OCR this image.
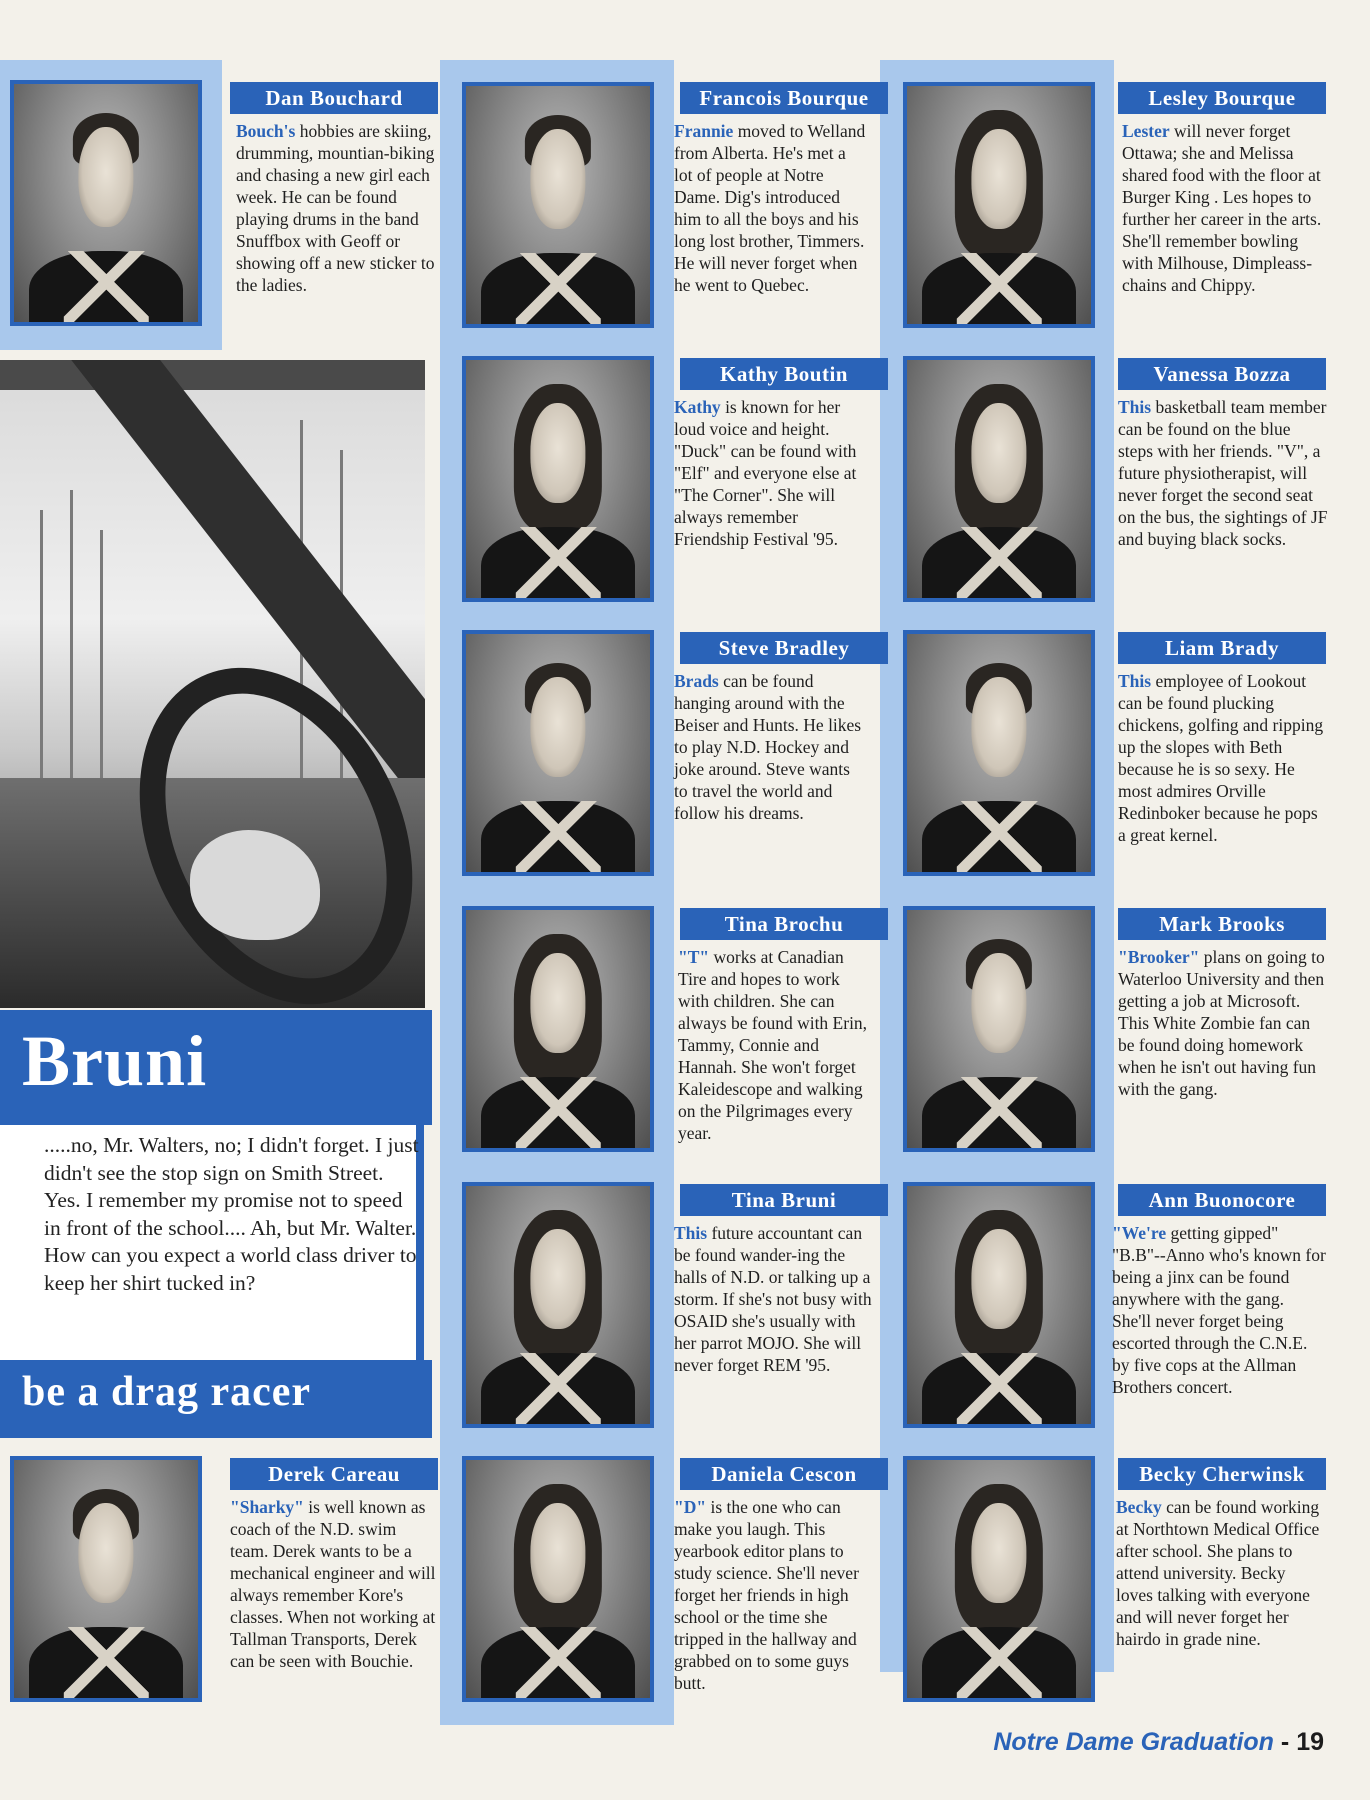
Bruni
.....no, Mr. Walters, no; I didn't forget. I just didn't see the stop sign on Smith Street. Yes. I remember my promise not to speed in front of the school.... Ah, but Mr. Walter. How can you expect a world class driver to keep her shirt tucked in?
be a drag racer
Dan Bouchard
Bouch's hobbies are skiing, drumming, mountian-biking and chasing a new girl each week. He can be found playing drums in the band Snuffbox with Geoff or showing off a new sticker to the ladies.
Francois Bourque
Frannie moved to Welland from Alberta. He's met a lot of people at Notre Dame. Dig's introduced him to all the boys and his long lost brother, Timmers. He will never forget when he went to Quebec.
Lesley Bourque
Lester will never forget Ottawa; she and Melissa shared food with the floor at Burger King . Les hopes to further her career in the arts. She'll remember bowling with Milhouse, Dimpleass-chains and Chippy.
Kathy Boutin
Kathy is known for her loud voice and height. "Duck" can be found with "Elf" and everyone else at "The Corner". She will always remember Friendship Festival '95.
Vanessa Bozza
This basketball team member can be found on the blue steps with her friends. "V", a future physiotherapist, will never forget the second seat on the bus, the sightings of JF and buying black socks.
Steve Bradley
Brads can be found hanging around with the Beiser and Hunts. He likes to play N.D. Hockey and joke around. Steve wants to travel the world and follow his dreams.
Liam Brady
This employee of Lookout can be found plucking chickens, golfing and ripping up the slopes with Beth because he is so sexy. He most admires Orville Redinboker because he pops a great kernel.
Tina Brochu
"T" works at Canadian Tire and hopes to work with children. She can always be found with Erin, Tammy, Connie and Hannah. She won't forget Kaleidescope and walking on the Pilgrimages every year.
Mark Brooks
"Brooker" plans on going to Waterloo University and then getting a job at Microsoft. This White Zombie fan can be found doing homework when he isn't out having fun with the gang.
Tina Bruni
This future accountant can be found wander-ing the halls of N.D. or talking up a storm. If she's not busy with OSAID she's usually with her parrot MOJO. She will never forget REM '95.
Ann Buonocore
"We're getting gipped" "B.B"--Anno who's known for being a jinx can be found anywhere with the gang. She'll never forget being escorted through the C.N.E. by five cops at the Allman Brothers concert.
Derek Careau
"Sharky" is well known as coach of the N.D. swim team. Derek wants to be a mechanical engineer and will always remember Kore's classes. When not working at Tallman Transports, Derek can be seen with Bouchie.
Daniela Cescon
"D" is the one who can make you laugh. This yearbook editor plans to study science. She'll never forget her friends in high school or the time she tripped in the hallway and grabbed on to some guys butt.
Becky Cherwinsk
Becky can be found working at Northtown Medical Office after school. She plans to attend university. Becky loves talking with everyone and will never forget her hairdo in grade nine.
Notre Dame Graduation - 19
